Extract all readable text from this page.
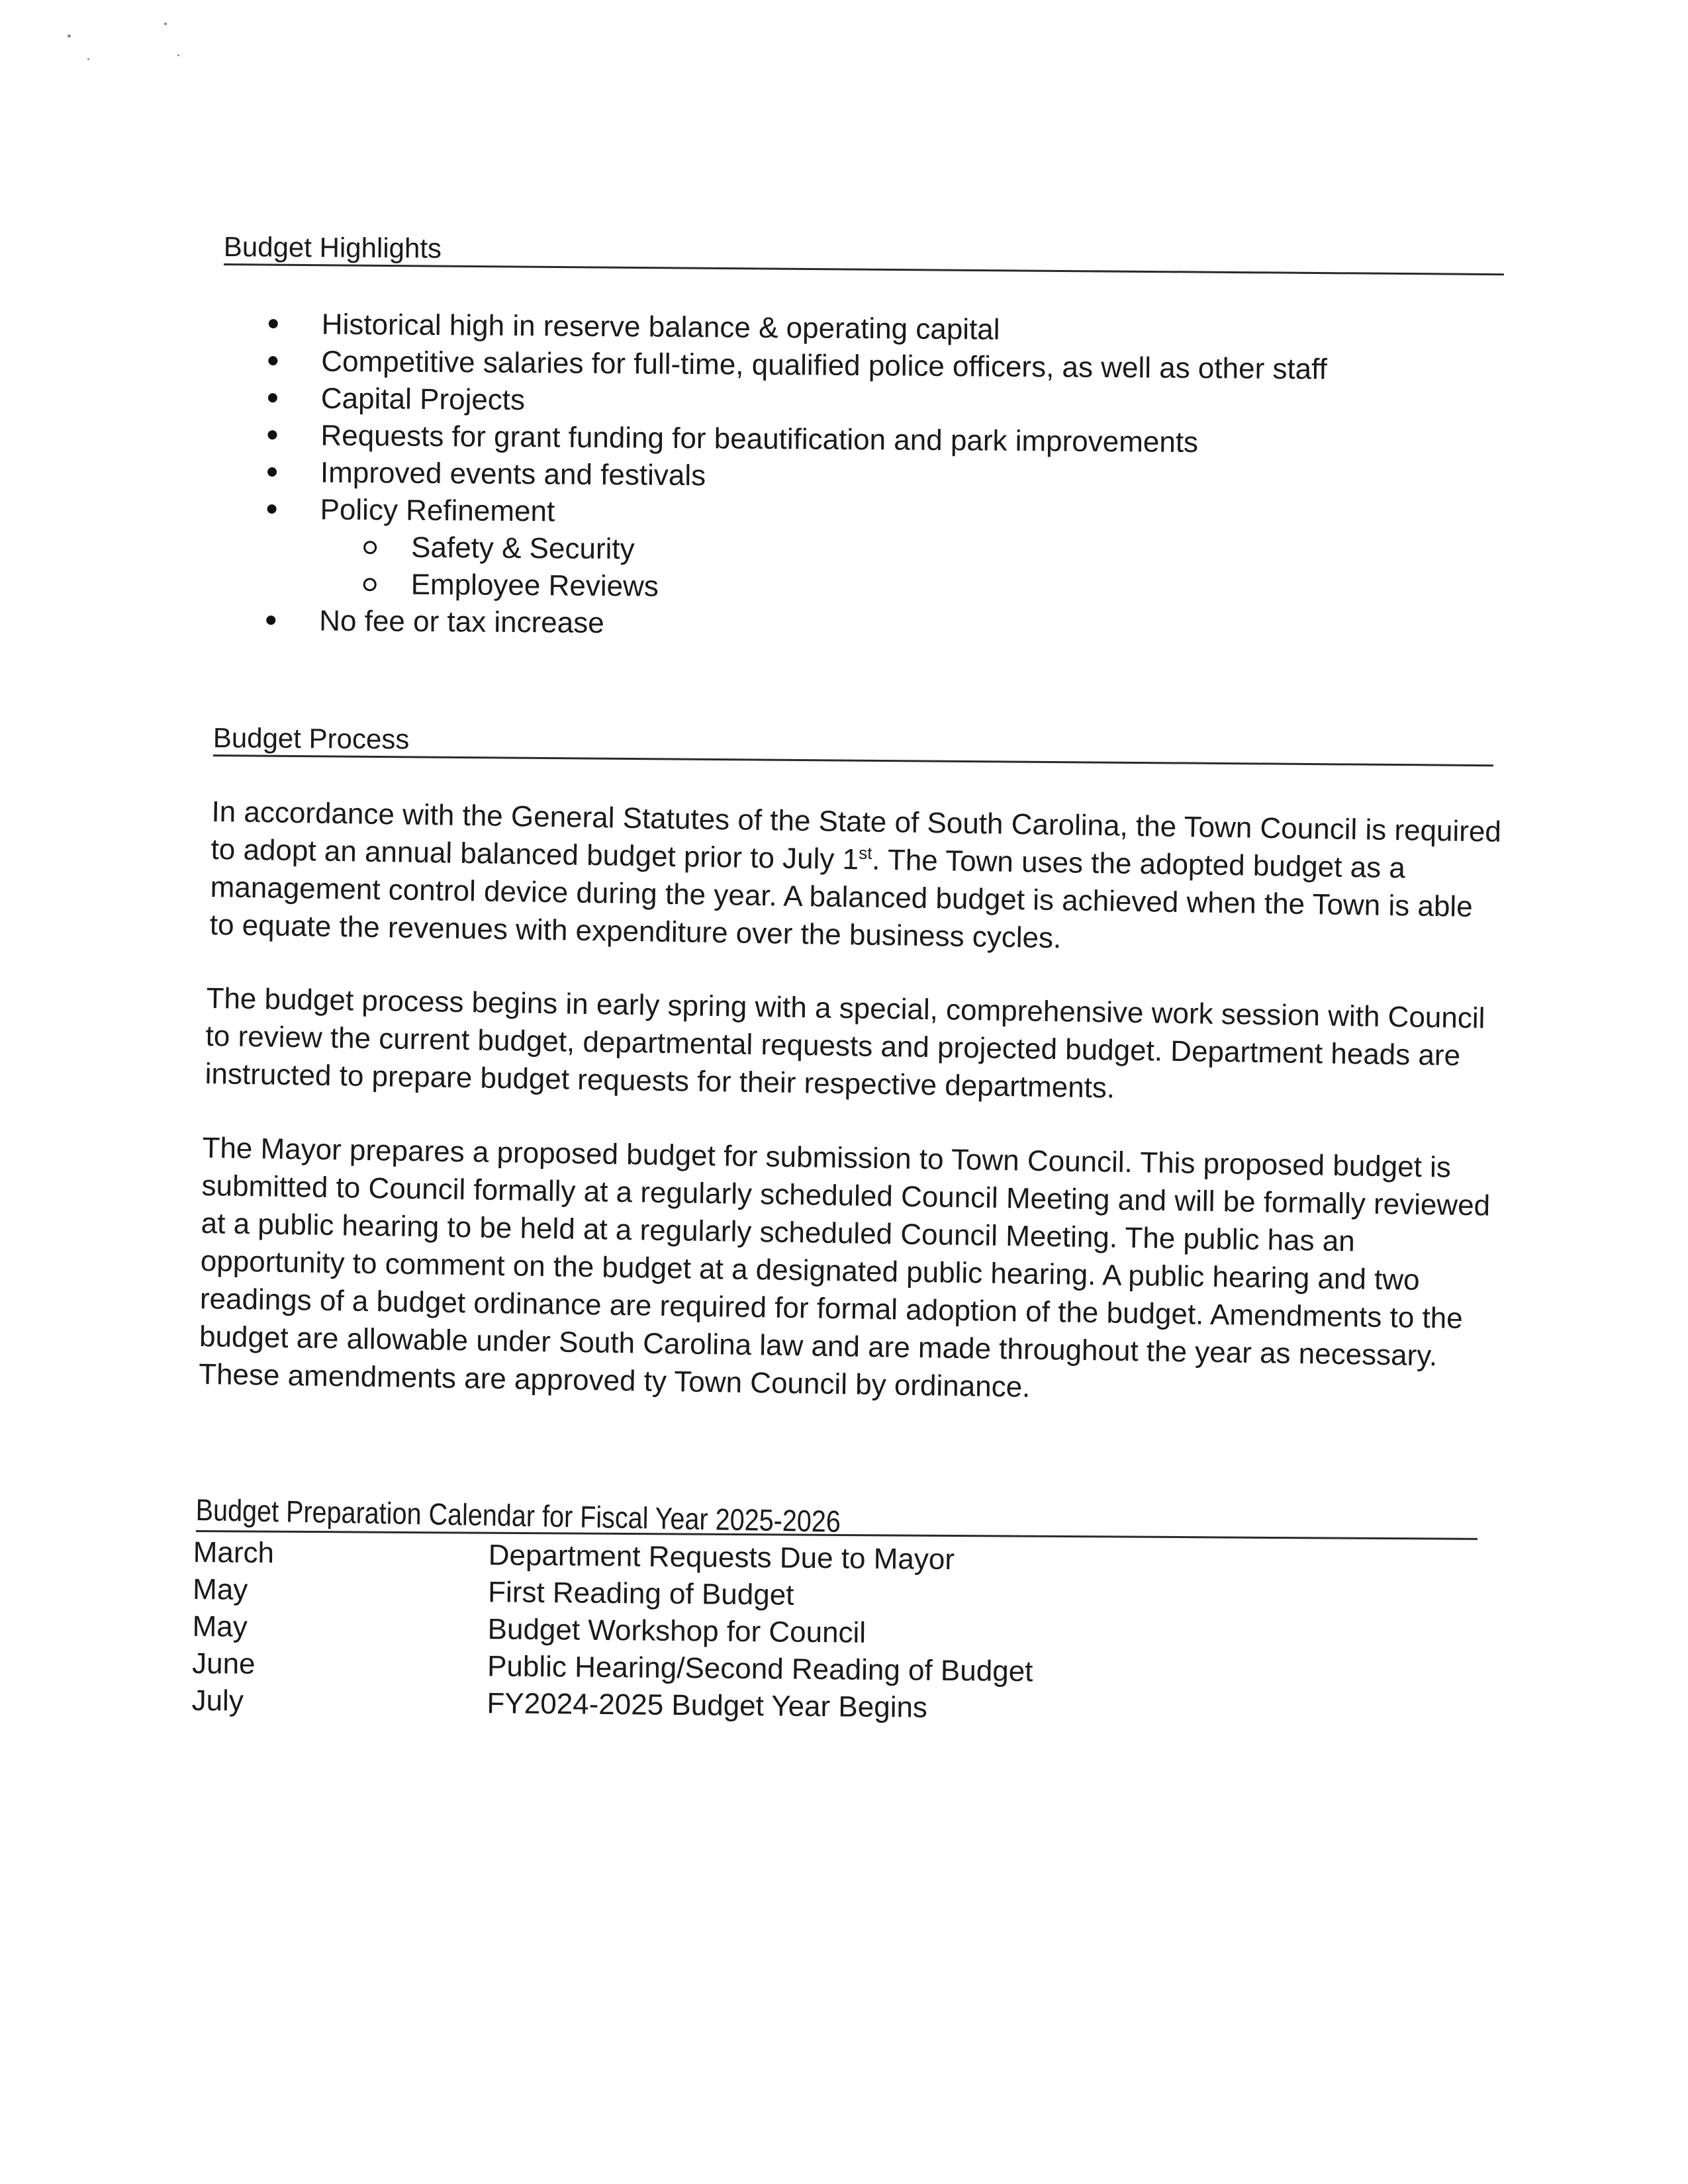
Budget Highlights
Historical high in reserve balance & operating capital
Competitive salaries for full-time, qualified police officers, as well as other staff
Capital Projects
Requests for grant funding for beautification and park improvements
Improved events and festivals
Policy Refinement
Safety & Security
Employee Reviews
No fee or tax increase
Budget Process

In accordance with the General Statutes of the State of South Carolina, the Town Council is required to adopt an annual balanced budget prior to July 1st. The Town uses the adopted budget as a management control device during the year. A balanced budget is achieved when the Town is able to equate the revenues with expenditure over the business cycles.

The budget process begins in early spring with a special, comprehensive work session with Council to review the current budget, departmental requests and projected budget. Department heads are instructed to prepare budget requests for their respective departments.

The Mayor prepares a proposed budget for submission to Town Council. This proposed budget is submitted to Council formally at a regularly scheduled Council Meeting and will be formally reviewed at a public hearing to be held at a regularly scheduled Council Meeting. The public has an opportunity to comment on the budget at a designated public hearing. A public hearing and two readings of a budget ordinance are required for formal adoption of the budget. Amendments to the budget are allowable under South Carolina law and are made throughout the year as necessary. These amendments are approved ty Town Council by ordinance.

Budget Preparation Calendar for Fiscal Year 2025-2026
March	Department Requests Due to Mayor
May	First Reading of Budget
May	Budget Workshop for Council
June	Public Hearing/Second Reading of Budget
July	FY2024-2025 Budget Year Begins
